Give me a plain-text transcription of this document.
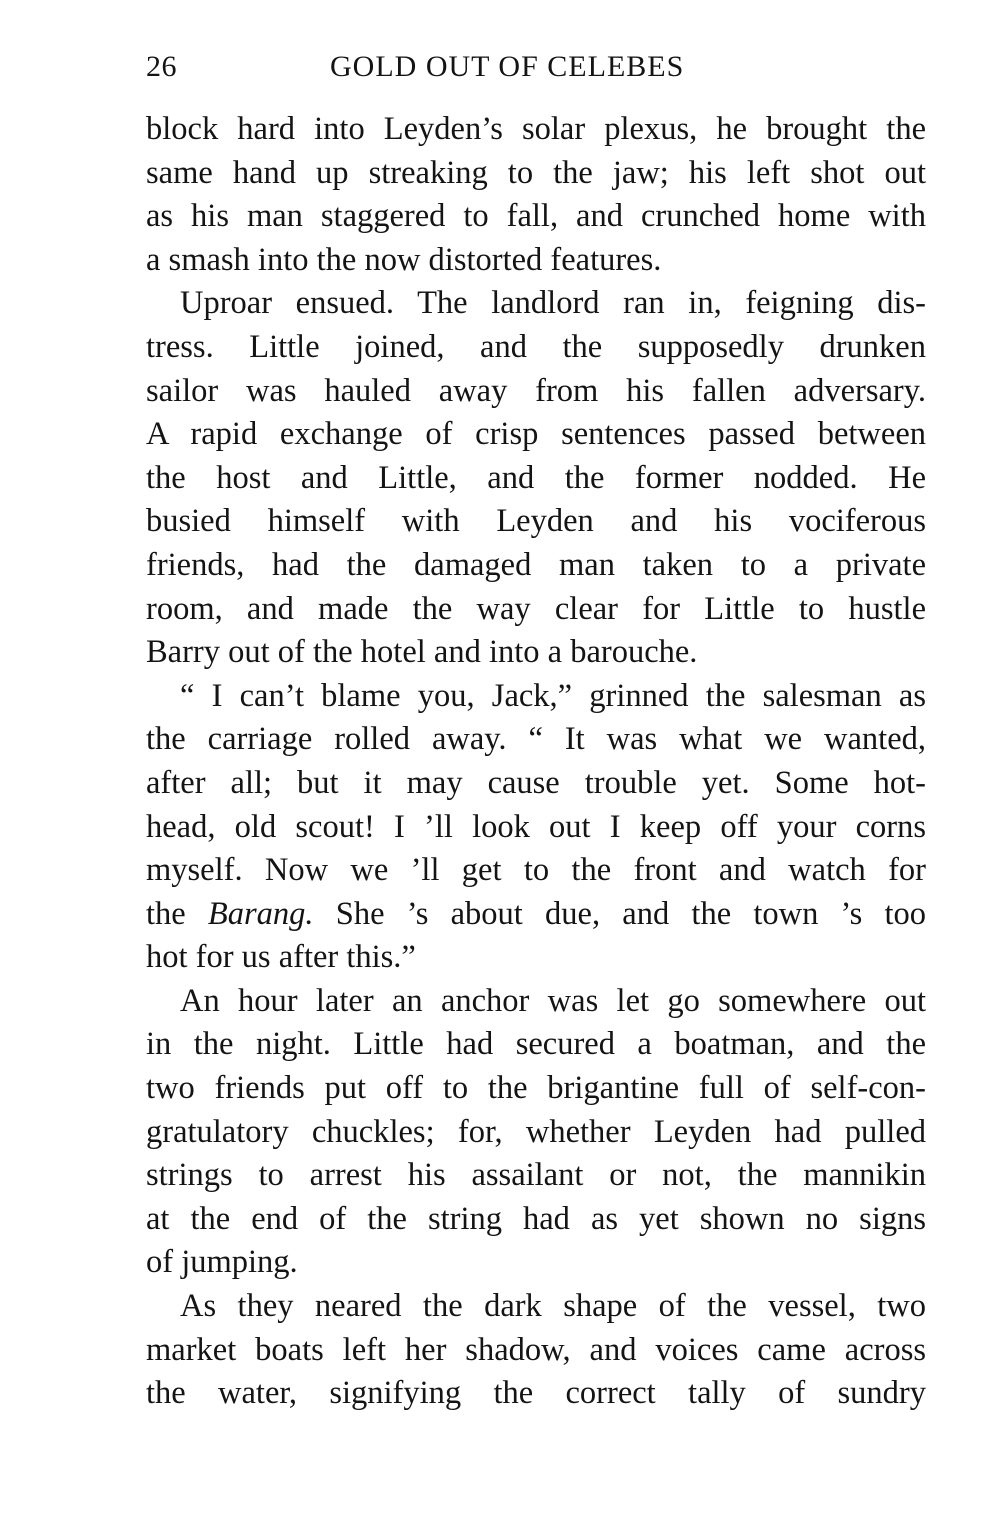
26	GOLD OUT OF CELEBES
block hard into Leyden’s solar plexus, he brought the
same hand up streaking to the jaw; his left shot out
as his man staggered to fall, and crunched home with
a smash into the now distorted features.
Uproar ensued. The landlord ran in, feigning dis-
tress. Little joined, and the supposedly drunken
sailor was hauled away from his fallen adversary.
A rapid exchange of crisp sentences passed between
the host and Little, and the former nodded. He
busied himself with Leyden and his vociferous
friends, had the damaged man taken to a private
room, and made the way clear for Little to hustle
Barry out of the hotel and into a barouche.
“ I can’t blame you, Jack,” grinned the salesman as
the carriage rolled away. “ It was what we wanted,
after all; but it may cause trouble yet. Some hot-
head, old scout! I ’ll look out I keep off your corns
myself. Now we ’ll get to the front and watch for
the Barang. She ’s about due, and the town ’s too
hot for us after this.”
An hour later an anchor was let go somewhere out
in the night. Little had secured a boatman, and the
two friends put off to the brigantine full of self-con-
gratulatory chuckles; for, whether Leyden had pulled
strings to arrest his assailant or not, the mannikin
at the end of the string had as yet shown no signs
of jumping.
As they neared the dark shape of the vessel, two
market boats left her shadow, and voices came across
the water, signifying the correct tally of sundry
